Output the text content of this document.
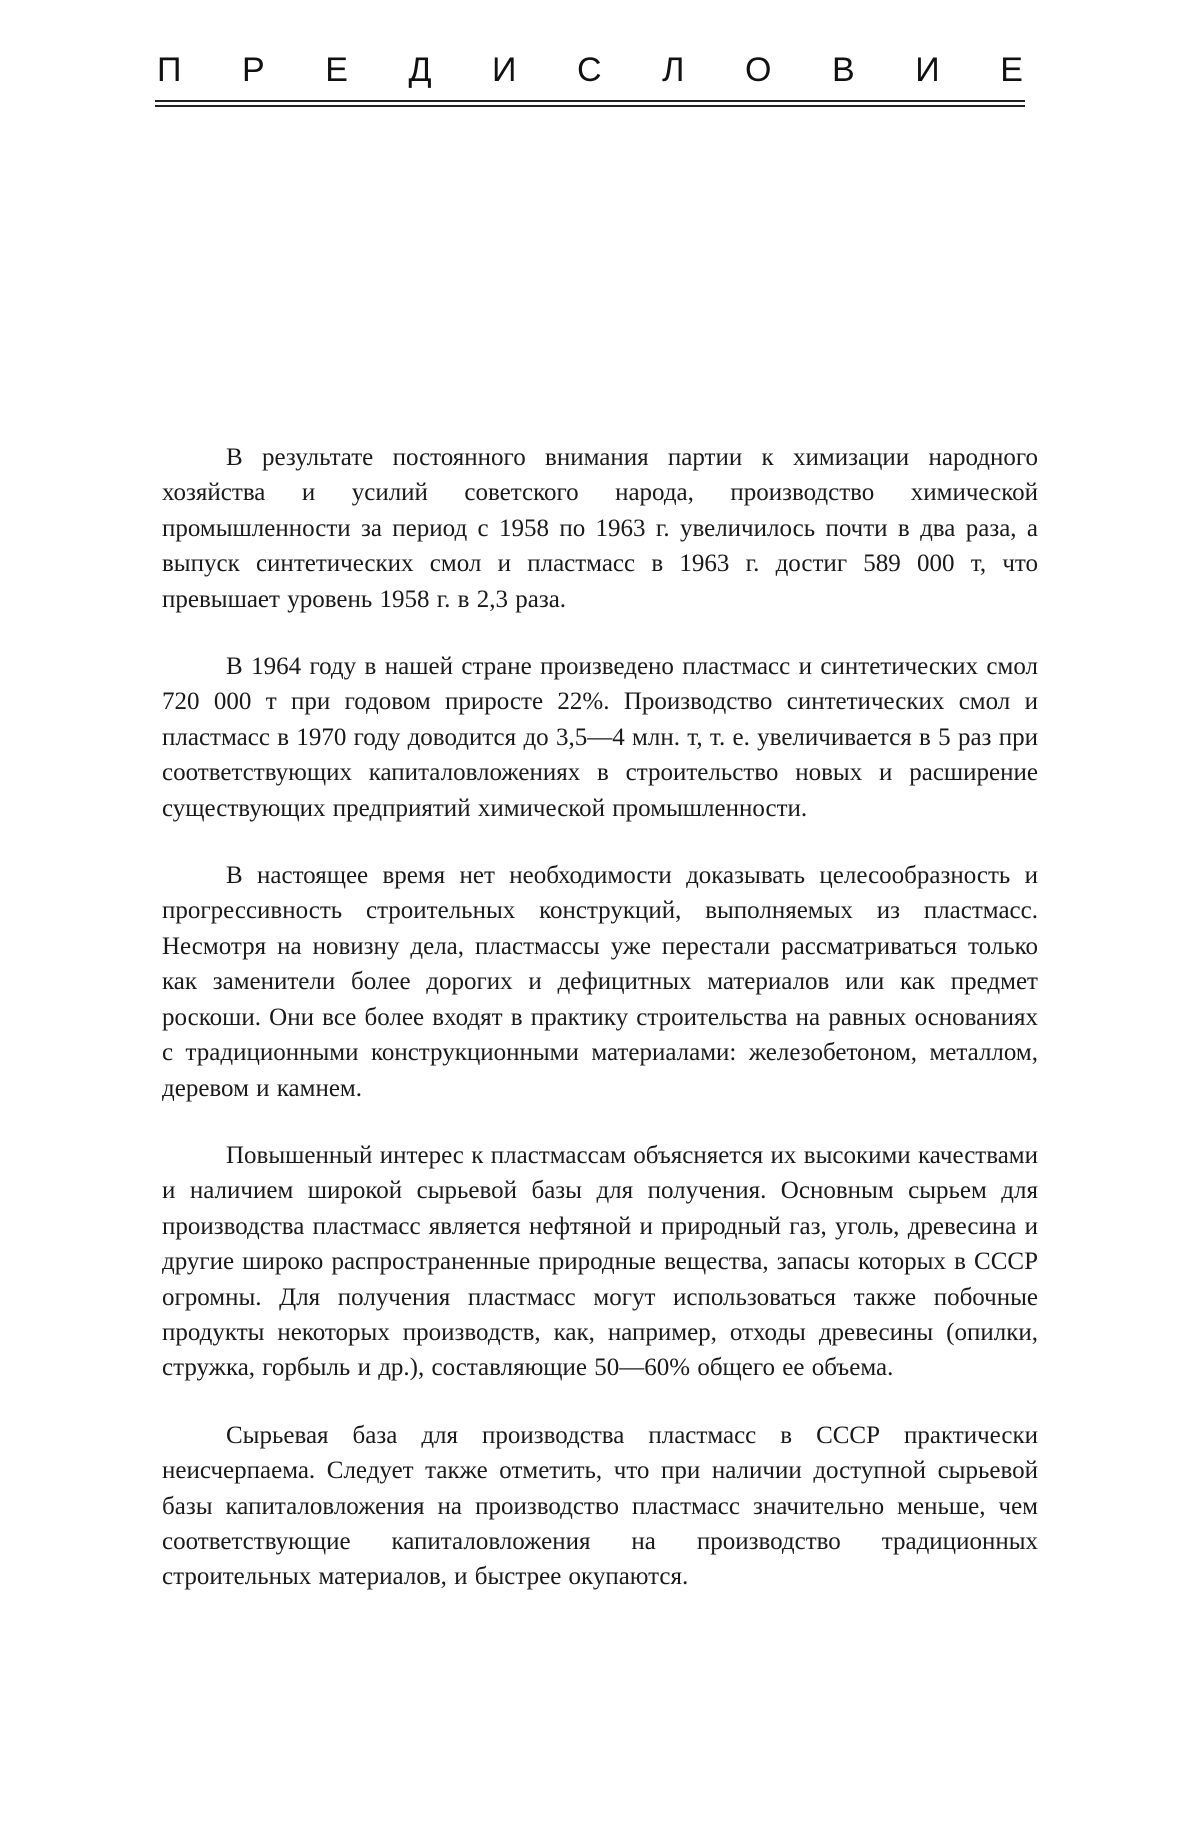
П Р Е Д И С Л О В И Е

В результате постоянного внимания партии к химизации народного хозяйства и усилий советского народа, производство химической промышленности за период с 1958 по 1963 г. увеличилось почти в два раза, а выпуск синтетических смол и пластмасс в 1963 г. достиг 589 000 т, что превышает уровень 1958 г. в 2,3 раза.

В 1964 году в нашей стране произведено пластмасс и синтетических смол 720 000 т при годовом приросте 22%. Производство синтетических смол и пластмасс в 1970 году доводится до 3,5—4 млн. т, т. е. увеличивается в 5 раз при соответствующих капиталовложениях в строительство новых и расширение существующих предприятий химической промышленности.

В настоящее время нет необходимости доказывать целесообразность и прогрессивность строительных конструкций, выполняемых из пластмасс. Несмотря на новизну дела, пластмассы уже перестали рассматриваться только как заменители более дорогих и дефицитных материалов или как предмет роскоши. Они все более входят в практику строительства на равных основаниях с традиционными конструкционными материалами: железобетоном, металлом, деревом и камнем.

Повышенный интерес к пластмассам объясняется их высокими качествами и наличием широкой сырьевой базы для получения. Основным сырьем для производства пластмасс является нефтяной и природный газ, уголь, древесина и другие широко распространенные природные вещества, запасы которых в СССР огромны. Для получения пластмасс могут использоваться также побочные продукты некоторых производств, как, например, отходы древесины (опилки, стружка, горбыль и др.), составляющие 50—60% общего ее объема.

Сырьевая база для производства пластмасс в СССР практически неисчерпаема. Следует также отметить, что при наличии доступной сырьевой базы капиталовложения на производство пластмасс значительно меньше, чем соответствующие капиталовложения на производство традиционных строительных материалов, и быстрее окупаются.
